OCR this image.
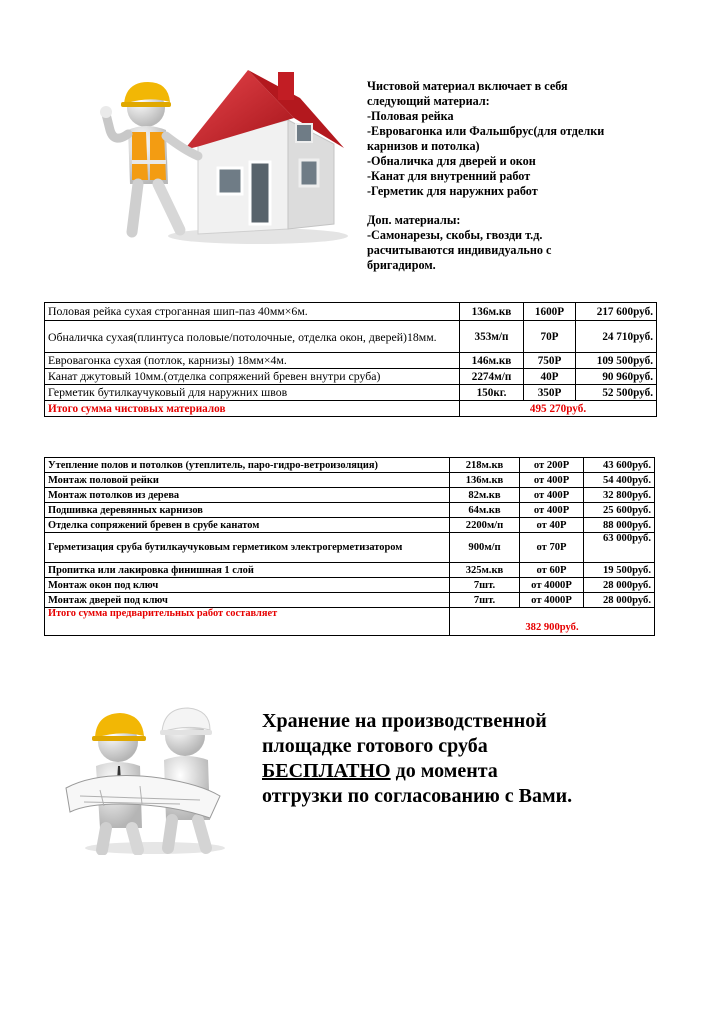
Чистовой материал включает в себя
следующий материал:
-Половая рейка
-Евровагонка или Фальшбрус(для отделки
карнизов и потолка)
-Обналичка для дверей и окон
-Канат для внутренний работ
-Герметик для наружних работ
Доп. материалы:
-Самонарезы, скобы, гвозди т.д.
расчитываются индивидуально с
бригадиром.
Половая рейка сухая строганная шип-паз 40мм×6м.	136м.кв	1600Р	217 600руб.
Обналичка сухая(плинтуса половые/потолочные, отделка окон, дверей)18мм.	353м/п	70Р	24 710руб.
Евровагонка сухая (потлок, карнизы) 18мм×4м.	146м.кв	750Р	109 500руб.
Канат джутовый 10мм.(отделка сопряжений бревен внутри сруба)	2274м/п	40Р	90 960руб.
Герметик бутилкаучуковый для наружних швов	150кг.	350Р	52 500руб.
Итого сумма чистовых материалов	495 270руб.		
Утепление полов и потолков (утеплитель, паро-гидро-ветроизоляция)	218м.кв	от 200Р	43 600руб.
Монтаж половой рейки	136м.кв	от 400Р	54 400руб.
Монтаж потолков из дерева	82м.кв	от 400Р	32 800руб.
Подшивка деревянных карнизов	64м.кв	от 400Р	25 600руб.
Отделка сопряжений бревен в срубе канатом	2200м/п	от 40Р	88 000руб.
Герметизация сруба бутилкаучуковым герметиком электрогерметизатором	900м/п	от 70Р	63 000руб.
Пропитка или лакировка финишная 1 слой	325м.кв	от 60Р	19 500руб.
Монтаж окон под ключ	7шт.	от 4000Р	28 000руб.
Монтаж дверей под ключ	7шт.	от 4000Р	28 000руб.
Итого сумма предварительных работ составляет	382 900руб.		
Хранение на производственной
площадке готового сруба
БЕСПЛАТНО до момента
отгрузки по согласованию с Вами.
